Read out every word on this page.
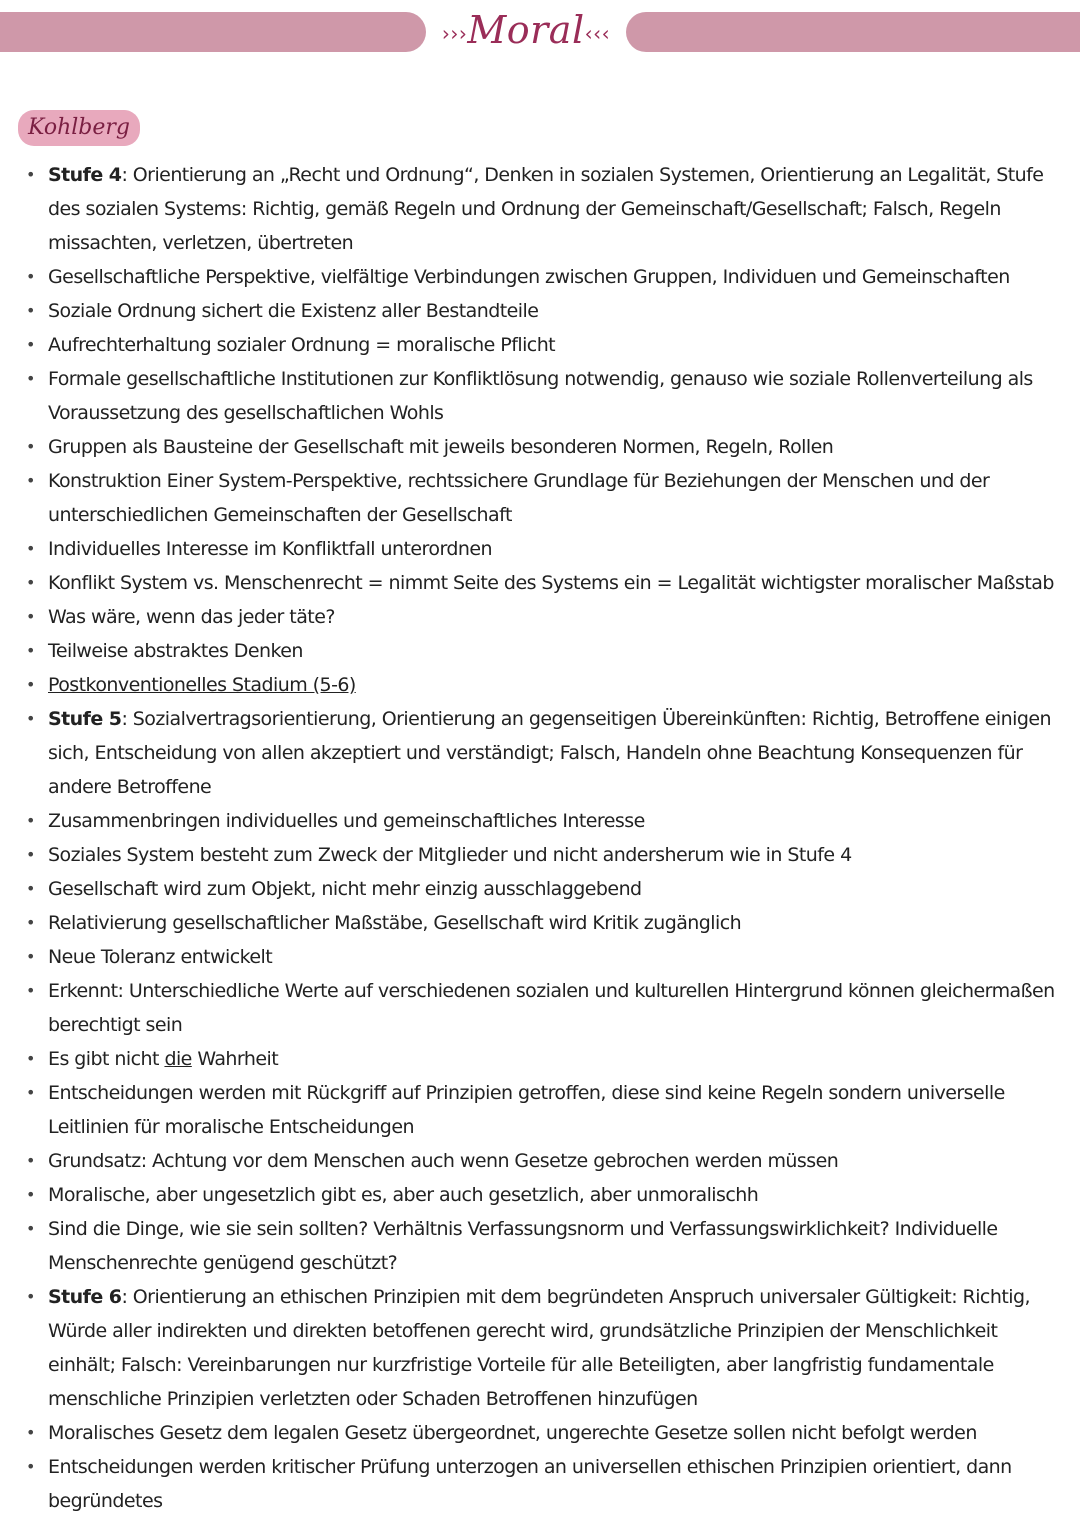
›››Moral‹‹‹
Kohlberg
• Stufe 4: Orientierung an „Recht und Ordnung“, Denken in sozialen Systemen, Orientierung an Legalität, Stufe des sozialen Systems: Richtig, gemäß Regeln und Ordnung der Gemeinschaft/Gesellschaft; Falsch, Regeln missachten, verletzen, übertreten
• Gesellschaftliche Perspektive, vielfältige Verbindungen zwischen Gruppen, Individuen und Gemeinschaften
• Soziale Ordnung sichert die Existenz aller Bestandteile
• Aufrechterhaltung sozialer Ordnung = moralische Pflicht
• Formale gesellschaftliche Institutionen zur Konfliktlösung notwendig, genauso wie soziale Rollenverteilung als Voraussetzung des gesellschaftlichen Wohls
• Gruppen als Bausteine der Gesellschaft mit jeweils besonderen Normen, Regeln, Rollen
• Konstruktion Einer System-Perspektive, rechtssichere Grundlage für Beziehungen der Menschen und der unterschiedlichen Gemeinschaften der Gesellschaft
• Individuelles Interesse im Konfliktfall unterordnen
• Konflikt System vs. Menschenrecht = nimmt Seite des Systems ein = Legalität wichtigster moralischer Maßstab
• Was wäre, wenn das jeder täte?
• Teilweise abstraktes Denken
• Postkonventionelles Stadium (5-6)
• Stufe 5: Sozialvertragsorientierung, Orientierung an gegenseitigen Übereinkünften: Richtig, Betroffene einigen sich, Entscheidung von allen akzeptiert und verständigt; Falsch, Handeln ohne Beachtung Konsequenzen für andere Betroffene
• Zusammenbringen individuelles und gemeinschaftliches Interesse
• Soziales System besteht zum Zweck der Mitglieder und nicht andersherum wie in Stufe 4
• Gesellschaft wird zum Objekt, nicht mehr einzig ausschlaggebend
• Relativierung gesellschaftlicher Maßstäbe, Gesellschaft wird Kritik zugänglich
• Neue Toleranz entwickelt
• Erkennt: Unterschiedliche Werte auf verschiedenen sozialen und kulturellen Hintergrund können gleichermaßen berechtigt sein
• Es gibt nicht die Wahrheit
• Entscheidungen werden mit Rückgriff auf Prinzipien getroffen, diese sind keine Regeln sondern universelle Leitlinien für moralische Entscheidungen
• Grundsatz: Achtung vor dem Menschen auch wenn Gesetze gebrochen werden müssen
• Moralische, aber ungesetzlich gibt es, aber auch gesetzlich, aber unmoralischh
• Sind die Dinge, wie sie sein sollten? Verhältnis Verfassungsnorm und Verfassungswirklichkeit? Individuelle Menschenrechte genügend geschützt?
• Stufe 6: Orientierung an ethischen Prinzipien mit dem begründeten Anspruch universaler Gültigkeit: Richtig, Würde aller indirekten und direkten betoffenen gerecht wird, grundsätzliche Prinzipien der Menschlichkeit einhält; Falsch: Vereinbarungen nur kurzfristige Vorteile für alle Beteiligten, aber langfristig fundamentale menschliche Prinzipien verletzten oder Schaden Betroffenen hinzufügen
• Moralisches Gesetz dem legalen Gesetz übergeordnet, ungerechte Gesetze sollen nicht befolgt werden
• Entscheidungen werden kritischer Prüfung unterzogen an universellen ethischen Prinzipien orientiert, dann begründetes
